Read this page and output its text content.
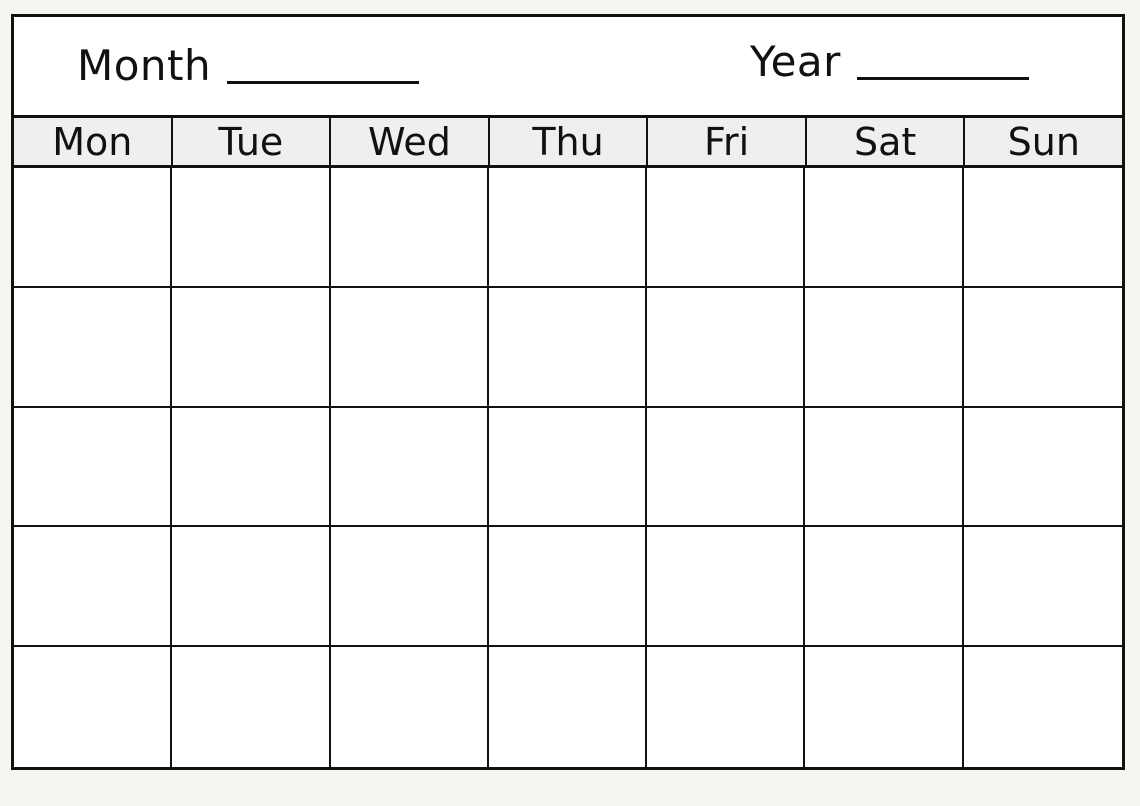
Month	Year
Mon	Tue	Wed	Thu	Fri	Sat	Sun
